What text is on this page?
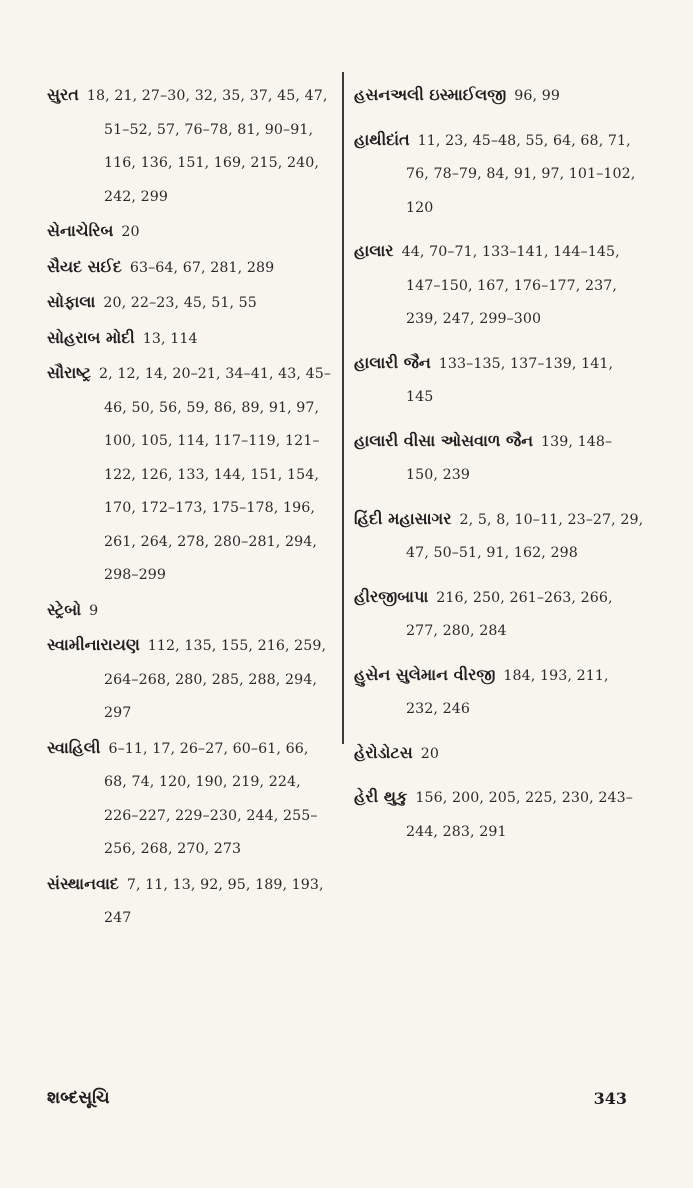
સુરત 18, 21, 27–30, 32, 35, 37, 45, 47, 51–52, 57, 76–78, 81, 90–91, 116, 136, 151, 169, 215, 240, 242, 299

સેનાચેરિબ 20

સૈયદ સઈદ 63–64, 67, 281, 289

સોફાલા 20, 22–23, 45, 51, 55

સોહરાબ મોદી 13, 114

સૌરાષ્ટ્ર 2, 12, 14, 20–21, 34–41, 43, 45–46, 50, 56, 59, 86, 89, 91, 97, 100, 105, 114, 117–119, 121–122, 126, 133, 144, 151, 154, 170, 172–173, 175–178, 196, 261, 264, 278, 280–281, 294, 298–299

સ્ટ્રેબો 9

સ્વામીનારાયણ 112, 135, 155, 216, 259, 264–268, 280, 285, 288, 294, 297

સ્વાહિલી 6–11, 17, 26–27, 60–61, 66, 68, 74, 120, 190, 219, 224, 226–227, 229–230, 244, 255–256, 268, 270, 273

સંસ્થાનવાદ 7, 11, 13, 92, 95, 189, 193, 247

હસનઅલી ઇસ્માઈલજી 96, 99

હાથીદાંત 11, 23, 45–48, 55, 64, 68, 71, 76, 78–79, 84, 91, 97, 101–102, 120

હાલાર 44, 70–71, 133–141, 144–145, 147–150, 167, 176–177, 237, 239, 247, 299–300

હાલારી જૈન 133–135, 137–139, 141, 145

હાલારી વીસા ઓસવાળ જૈન 139, 148–150, 239

હિંદી મહાસાગર 2, 5, 8, 10–11, 23–27, 29, 47, 50–51, 91, 162, 298

હીરજીબાપા 216, 250, 261–263, 266, 277, 280, 284

હુસેન સુલેમાન વીરજી 184, 193, 211, 232, 246

હેરોડોટસ 20

હેરી થુકુ 156, 200, 205, 225, 230, 243–244, 283, 291

શબ્દસૂચિ	343
